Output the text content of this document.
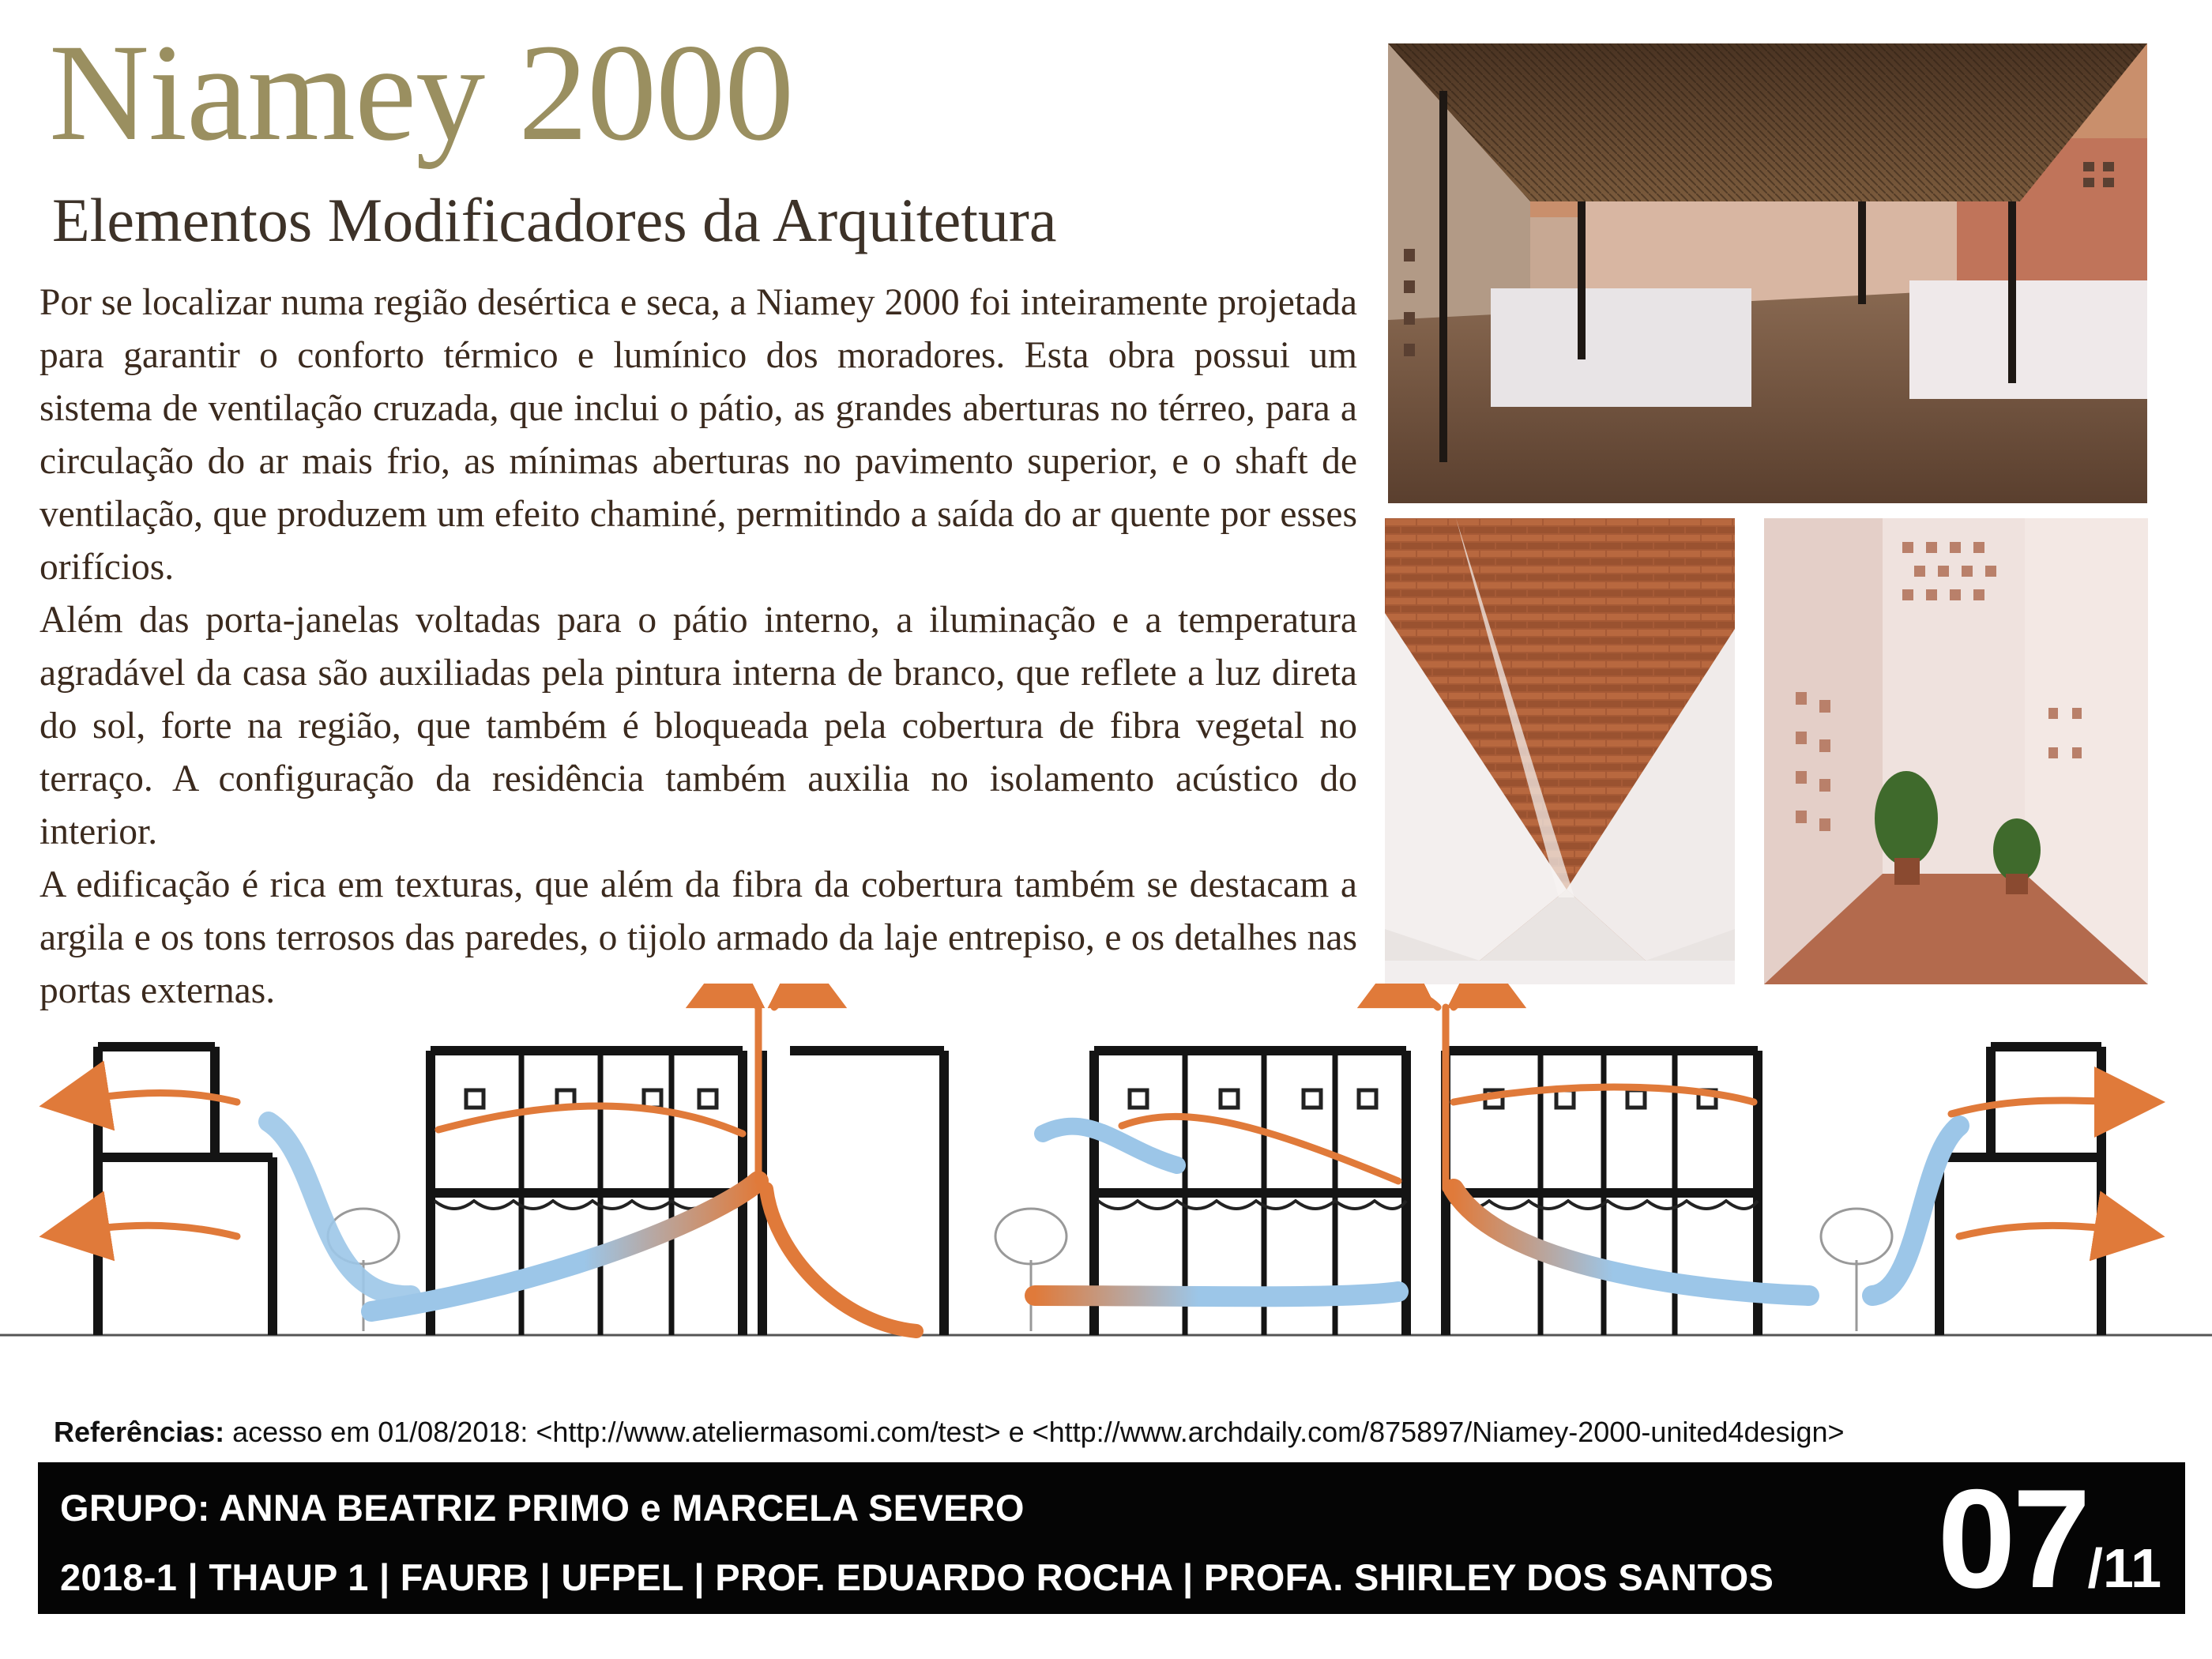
Niamey 2000
Elementos Modificadores da Arquitetura

Por se localizar numa região desértica e seca, a Niamey 2000 foi inteiramente projetada para garantir o conforto térmico e lumínico dos moradores. Esta obra possui um sistema de ventilação cruzada, que inclui o pátio, as grandes aberturas no térreo, para a circulação do ar mais frio, as mínimas aberturas no pavimento superior, e o shaft de ventilação, que produzem um efeito chaminé, permitindo a saída do ar quente por esses orifícios.

Além das porta-janelas voltadas para o pátio interno, a iluminação e a temperatura agradável da casa são auxiliadas pela pintura interna de branco, que reflete a luz direta do sol, forte na região, que também é bloqueada pela cobertura de fibra vegetal no terraço. A configuração da residência também auxilia no isolamento acústico do interior.

A edificação é rica em texturas, que além da fibra da cobertura também se destacam a argila e os tons terrosos das paredes, o tijolo armado da laje entrepiso, e os detalhes nas portas externas.

Referências: acesso em 01/08/2018: <http://www.ateliermasomi.com/test> e <http://www.archdaily.com/875897/Niamey-2000-united4design>

GRUPO: ANNA BEATRIZ PRIMO e MARCELA SEVERO
2018-1 | THAUP 1 | FAURB | UFPEL | PROF. EDUARDO ROCHA | PROFA. SHIRLEY DOS SANTOS 07/11
